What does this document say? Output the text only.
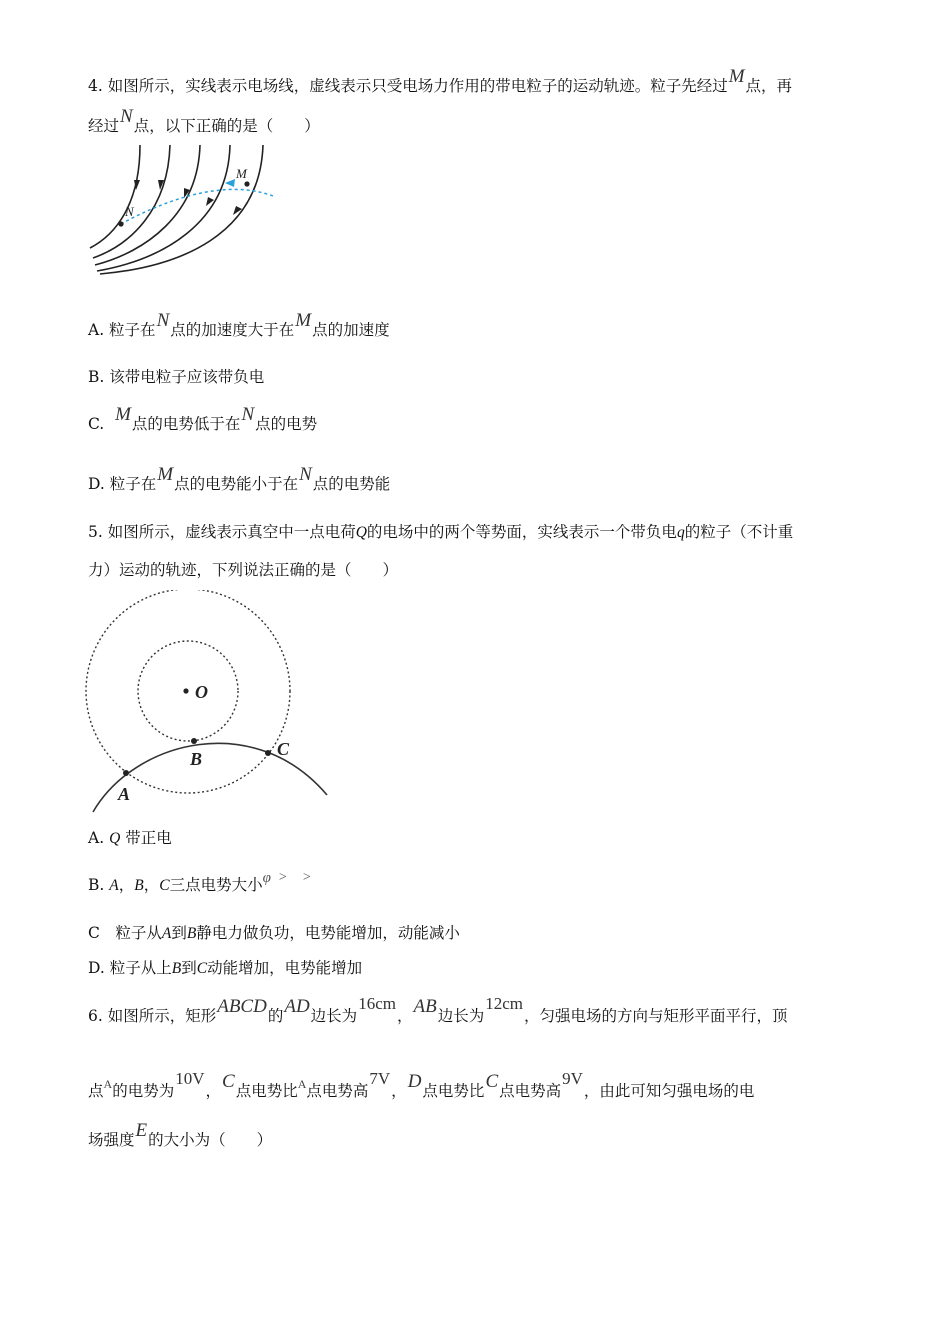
4. 如图所示，实线表示电场线，虚线表示只受电场力作用的带电粒子的运动轨迹。粒子先经过M点，再
经过N点，以下正确的是（　　）
M
N
A. 粒子在N点的加速度大于在M点的加速度
B. 该带电粒子应该带负电
C. M点的电势低于在N点的电势
D. 粒子在M点的电势能小于在N点的电势能
5. 如图所示，虚线表示真空中一点电荷Q的电场中的两个等势面，实线表示一个带负电q的粒子（不计重
力）运动的轨迹，下列说法正确的是（　　）
O
A
B	C
A. Q 带正电
B. A，B，C三点电势大小φ > >
C　粒子从A到B静电力做负功，电势能增加，动能减小
D. 粒子从上B到C动能增加，电势能增加
6. 如图所示，矩形ABCD的AD边长为16cm，AB边长为12cm，匀强电场的方向与矩形平面平行，顶
点A的电势为10V，C点电势比A点电势高7V，D点电势比C点电势高9V，由此可知匀强电场的电
场强度E的大小为（　　）
